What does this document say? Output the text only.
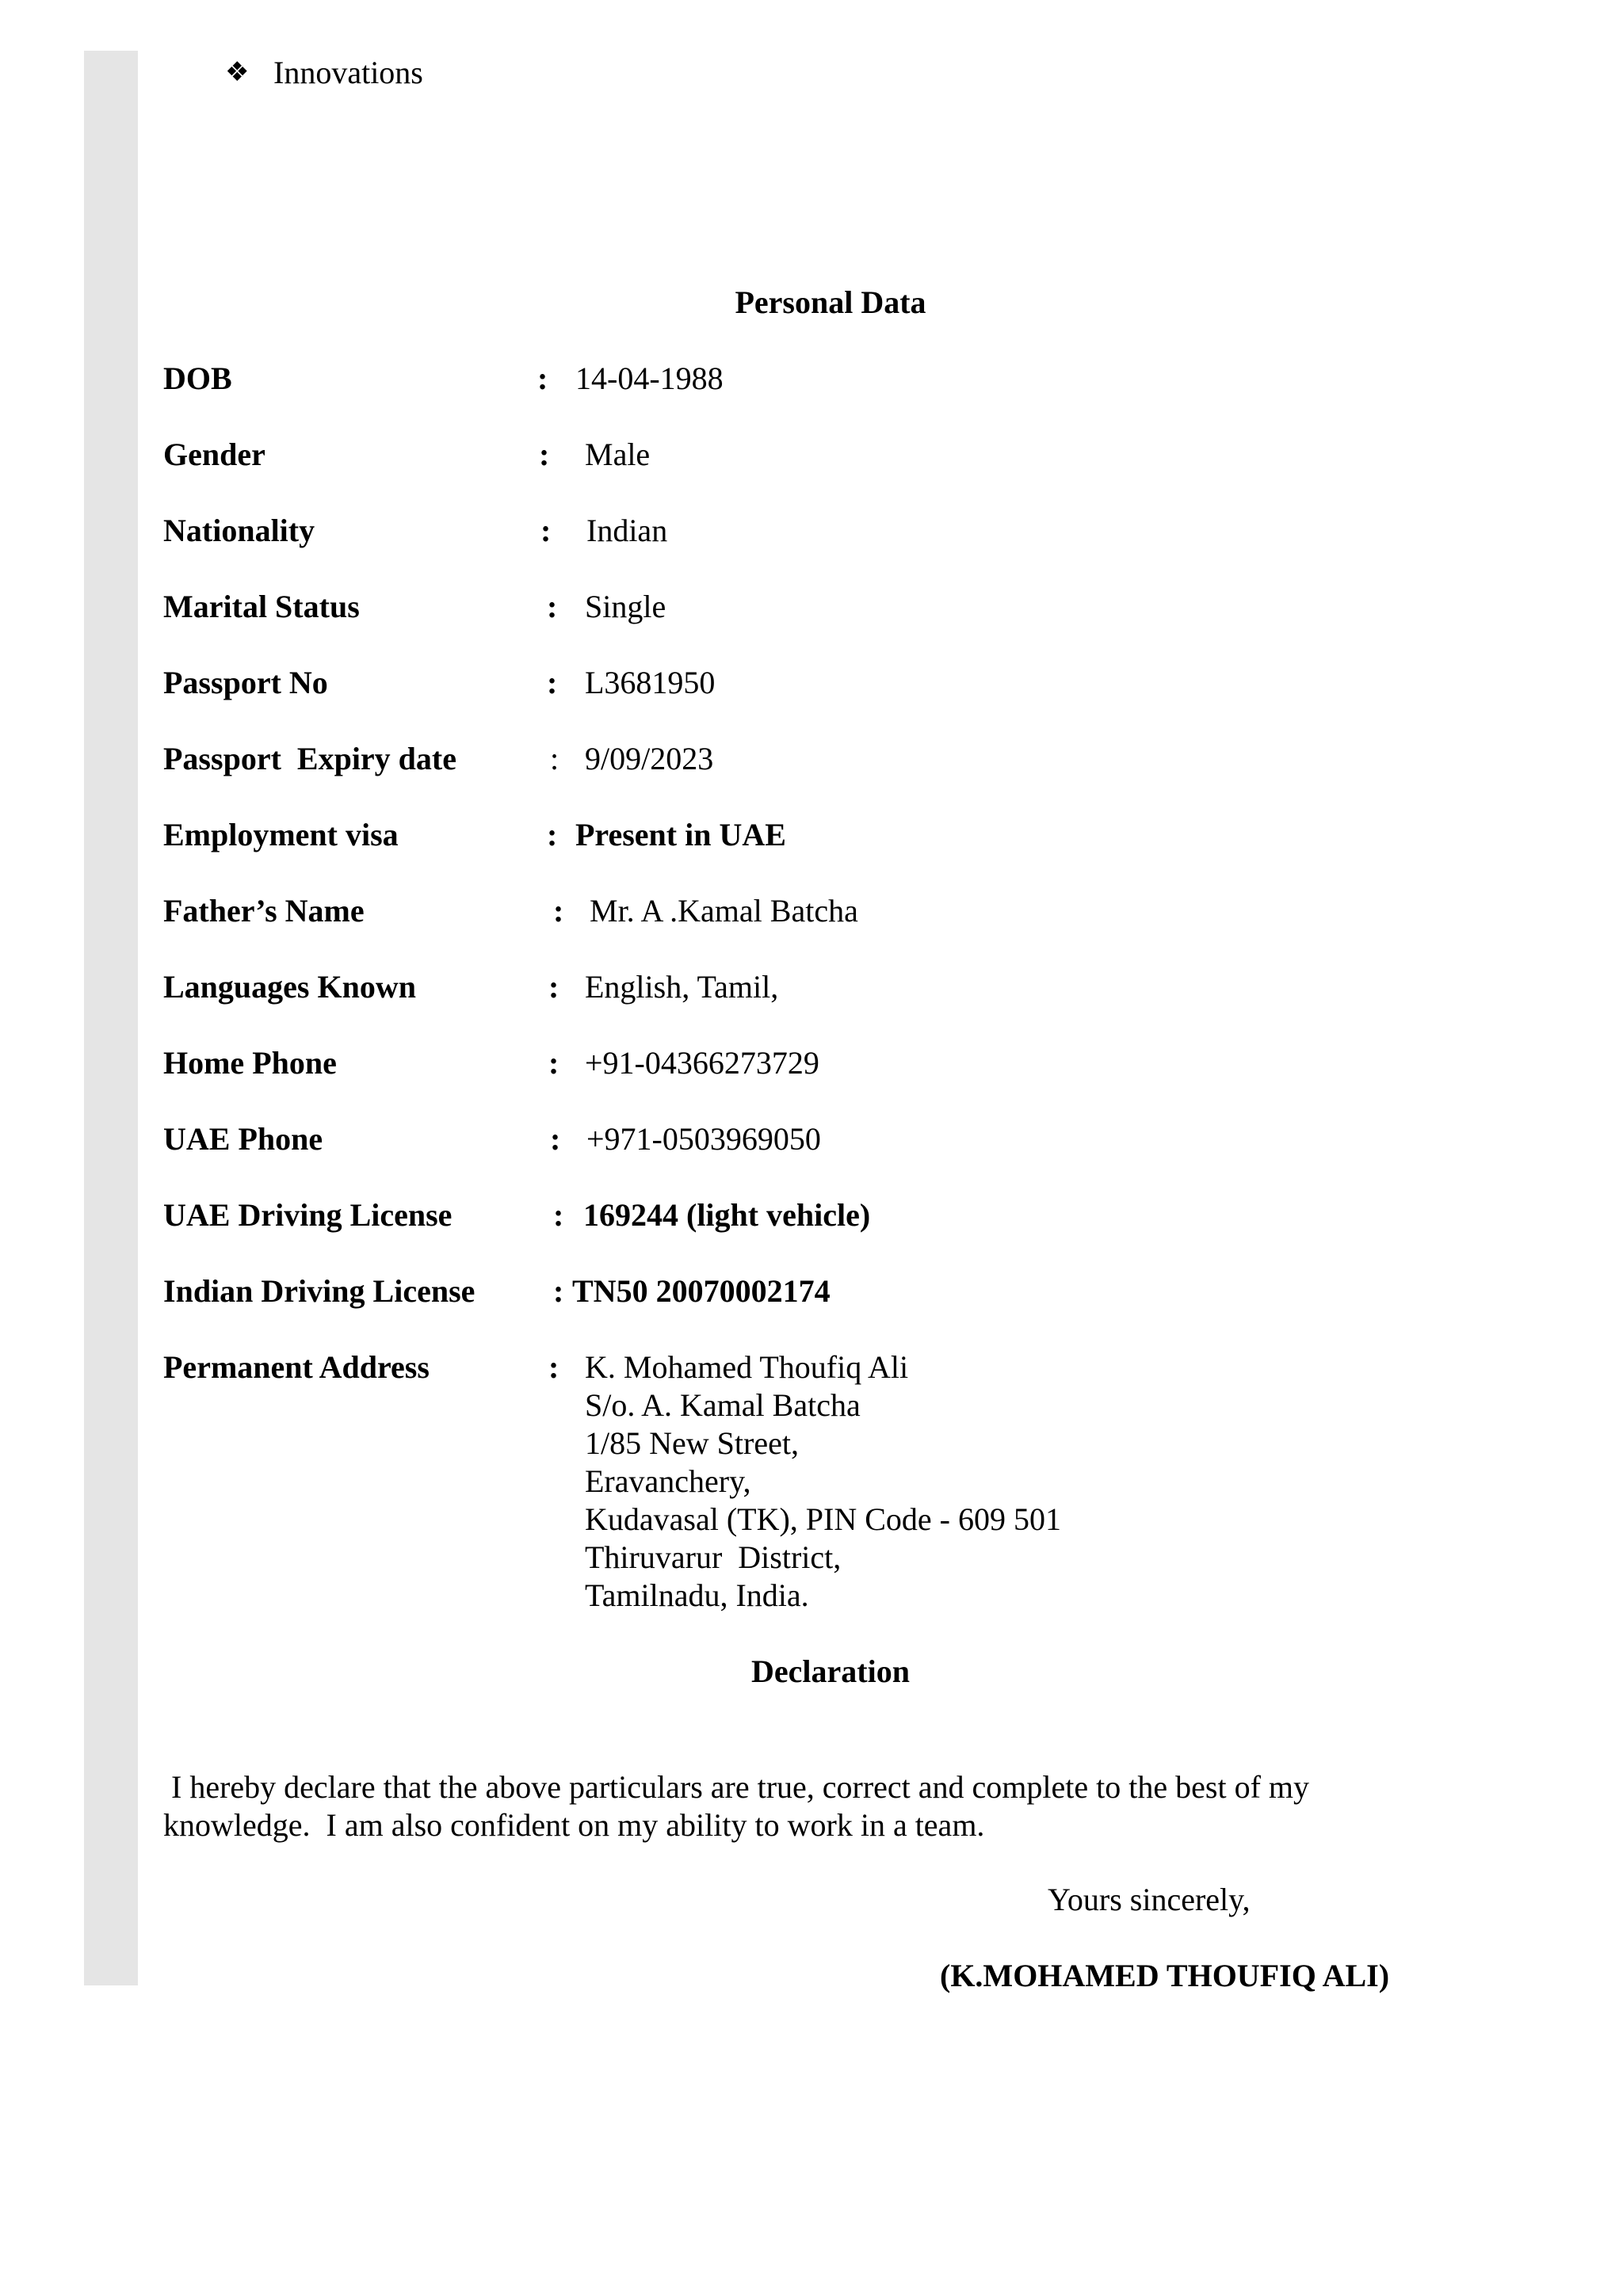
❖ Innovations
Personal Data
DOB	: 14-04-1988
Gender	: Male
Nationality	: Indian
Marital Status	: Single
Passport No	: L3681950
Passport  Expiry date	: 9/09/2023
Employment visa	: Present in UAE
Father’s Name	: Mr. A .Kamal Batcha
Languages Known	: English, Tamil,
Home Phone	: +91-04366273729
UAE Phone	: +971-0503969050
UAE Driving License	: 169244 (light vehicle)
Indian Driving License : TN50 20070002174
Permanent Address	: K. Mohamed Thoufiq Ali
S/o. A. Kamal Batcha
1/85 New Street,
Eravanchery,
Kudavasal (TK), PIN Code - 609 501
Thiruvarur  District,
Tamilnadu, India.
Declaration
I hereby declare that the above particulars are true, correct and complete to the best of my
knowledge.  I am also confident on my ability to work in a team.
Yours sincerely,
(K.MOHAMED THOUFIQ ALI)
